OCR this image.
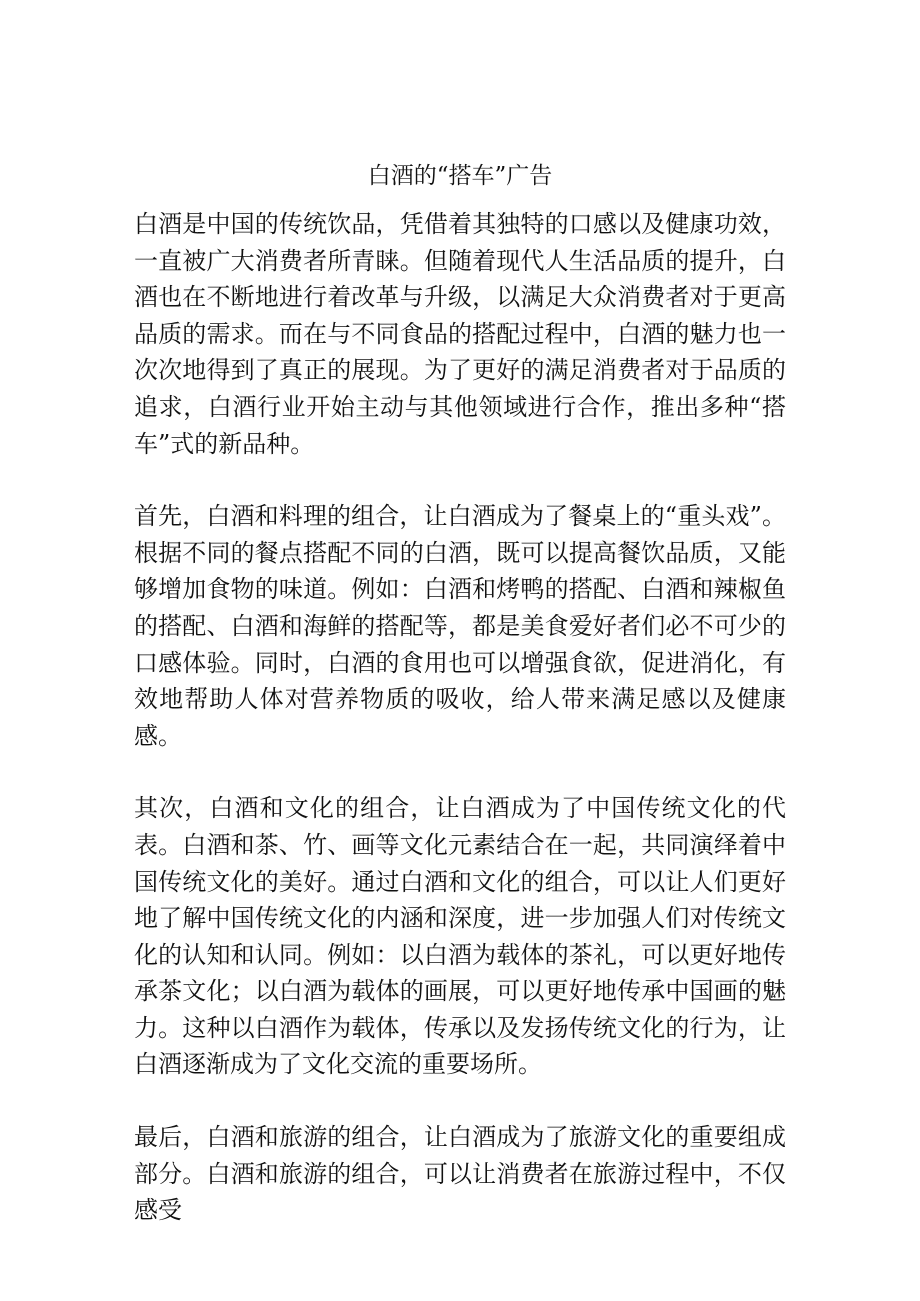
白酒的“搭车”广告

白酒是中国的传统饮品，凭借着其独特的口感以及健康功效，一直被广大消费者所青睐。但随着现代人生活品质的提升，白酒也在不断地进行着改革与升级，以满足大众消费者对于更高品质的需求。而在与不同食品的搭配过程中，白酒的魅力也一次次地得到了真正的展现。为了更好的满足消费者对于品质的追求，白酒行业开始主动与其他领域进行合作，推出多种“搭车”式的新品种。

首先，白酒和料理的组合，让白酒成为了餐桌上的“重头戏”。根据不同的餐点搭配不同的白酒，既可以提高餐饮品质，又能够增加食物的味道。例如：白酒和烤鸭的搭配、白酒和辣椒鱼的搭配、白酒和海鲜的搭配等，都是美食爱好者们必不可少的口感体验。同时，白酒的食用也可以增强食欲，促进消化，有效地帮助人体对营养物质的吸收，给人带来满足感以及健康感。

其次，白酒和文化的组合，让白酒成为了中国传统文化的代表。白酒和茶、竹、画等文化元素结合在一起，共同演绎着中国传统文化的美好。通过白酒和文化的组合，可以让人们更好地了解中国传统文化的内涵和深度，进一步加强人们对传统文化的认知和认同。例如：以白酒为载体的茶礼，可以更好地传承茶文化；以白酒为载体的画展，可以更好地传承中国画的魅力。这种以白酒作为载体，传承以及发扬传统文化的行为，让白酒逐渐成为了文化交流的重要场所。

最后，白酒和旅游的组合，让白酒成为了旅游文化的重要组成部分。白酒和旅游的组合，可以让消费者在旅游过程中，不仅感受
